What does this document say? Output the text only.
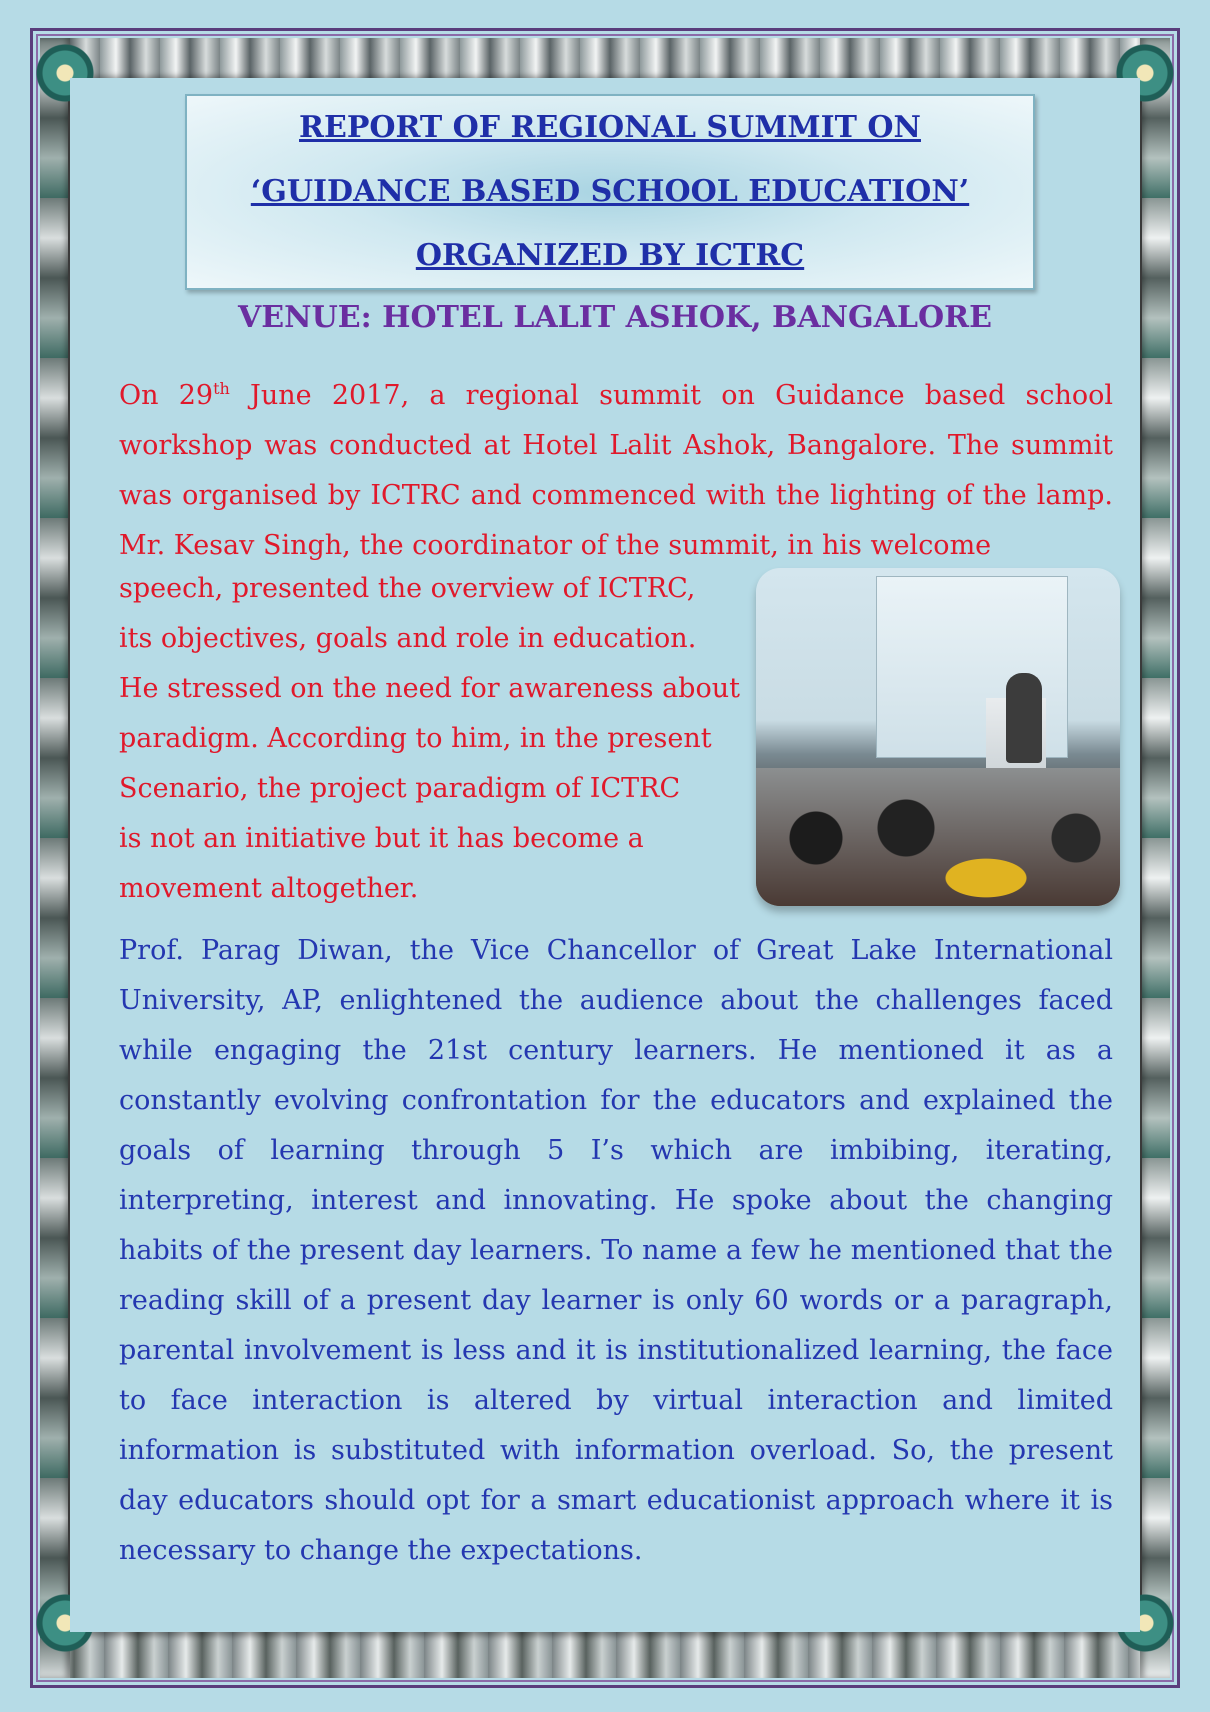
REPORT OF REGIONAL SUMMIT ON
‘GUIDANCE BASED SCHOOL EDUCATION’
ORGANIZED BY ICTRC
VENUE: HOTEL LALIT ASHOK, BANGALORE
On 29th June 2017, a regional summit on Guidance based school workshop was conducted at Hotel Lalit Ashok, Bangalore. The summit was organised by ICTRC and commenced with the lighting of the lamp. Mr. Kesav Singh, the coordinator of the summit, in his welcome
speech, presented the overview of ICTRC,
its objectives, goals and role in education.
He stressed on the need for awareness about
paradigm. According to him, in the present
Scenario, the project paradigm of ICTRC
is not an initiative but it has become a
movement altogether.
Prof. Parag Diwan, the Vice Chancellor of Great Lake International University, AP, enlightened the audience about the challenges faced while engaging the 21st century learners. He mentioned it as a constantly evolving confrontation for the educators and explained the goals of learning through 5 I’s which are imbibing, iterating, interpreting, interest and innovating. He spoke about the changing habits of the present day learners. To name a few he mentioned that the reading skill of a present day learner is only 60 words or a paragraph, parental involvement is less and it is institutionalized learning, the face to face interaction is altered by virtual interaction and limited information is substituted with information overload. So, the present day educators should opt for a smart educationist approach where it is necessary to change the expectations.
